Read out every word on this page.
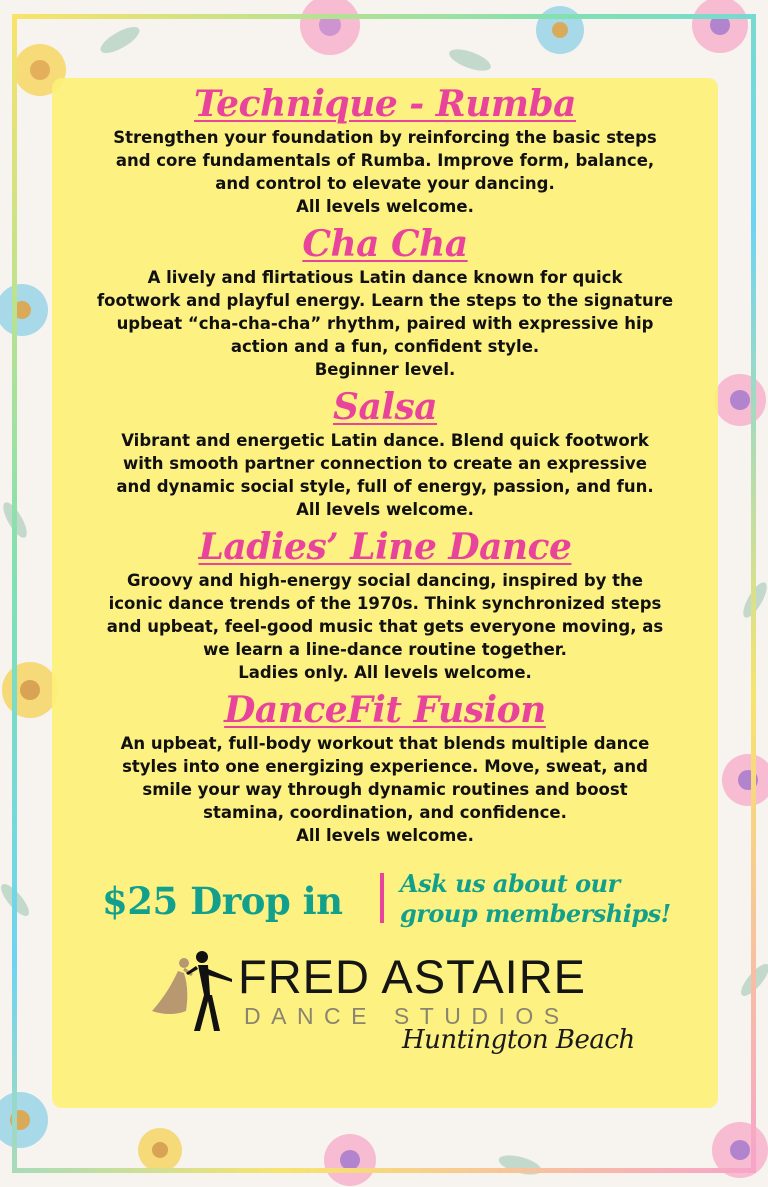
Technique - Rumba

Strengthen your foundation by reinforcing the basic steps
and core fundamentals of Rumba. Improve form, balance,
and control to elevate your dancing.
All levels welcome.

Cha Cha

A lively and flirtatious Latin dance known for quick
footwork and playful energy. Learn the steps to the signature
upbeat “cha-cha-cha” rhythm, paired with expressive hip
action and a fun, confident style.
Beginner level.

Salsa

Vibrant and energetic Latin dance. Blend quick footwork
with smooth partner connection to create an expressive
and dynamic social style, full of energy, passion, and fun.
All levels welcome.

Ladies’ Line Dance

Groovy and high-energy social dancing, inspired by the
iconic dance trends of the 1970s. Think synchronized steps
and upbeat, feel-good music that gets everyone moving, as
we learn a line-dance routine together.
Ladies only. All levels welcome.

DanceFit Fusion

An upbeat, full-body workout that blends multiple dance
styles into one energizing experience. Move, sweat, and
smile your way through dynamic routines and boost
stamina, coordination, and confidence.
All levels welcome.

$25 Drop in Ask us about our
group memberships!
FRED ASTAIRE
DANCE STUDIOS
Huntington Beach
